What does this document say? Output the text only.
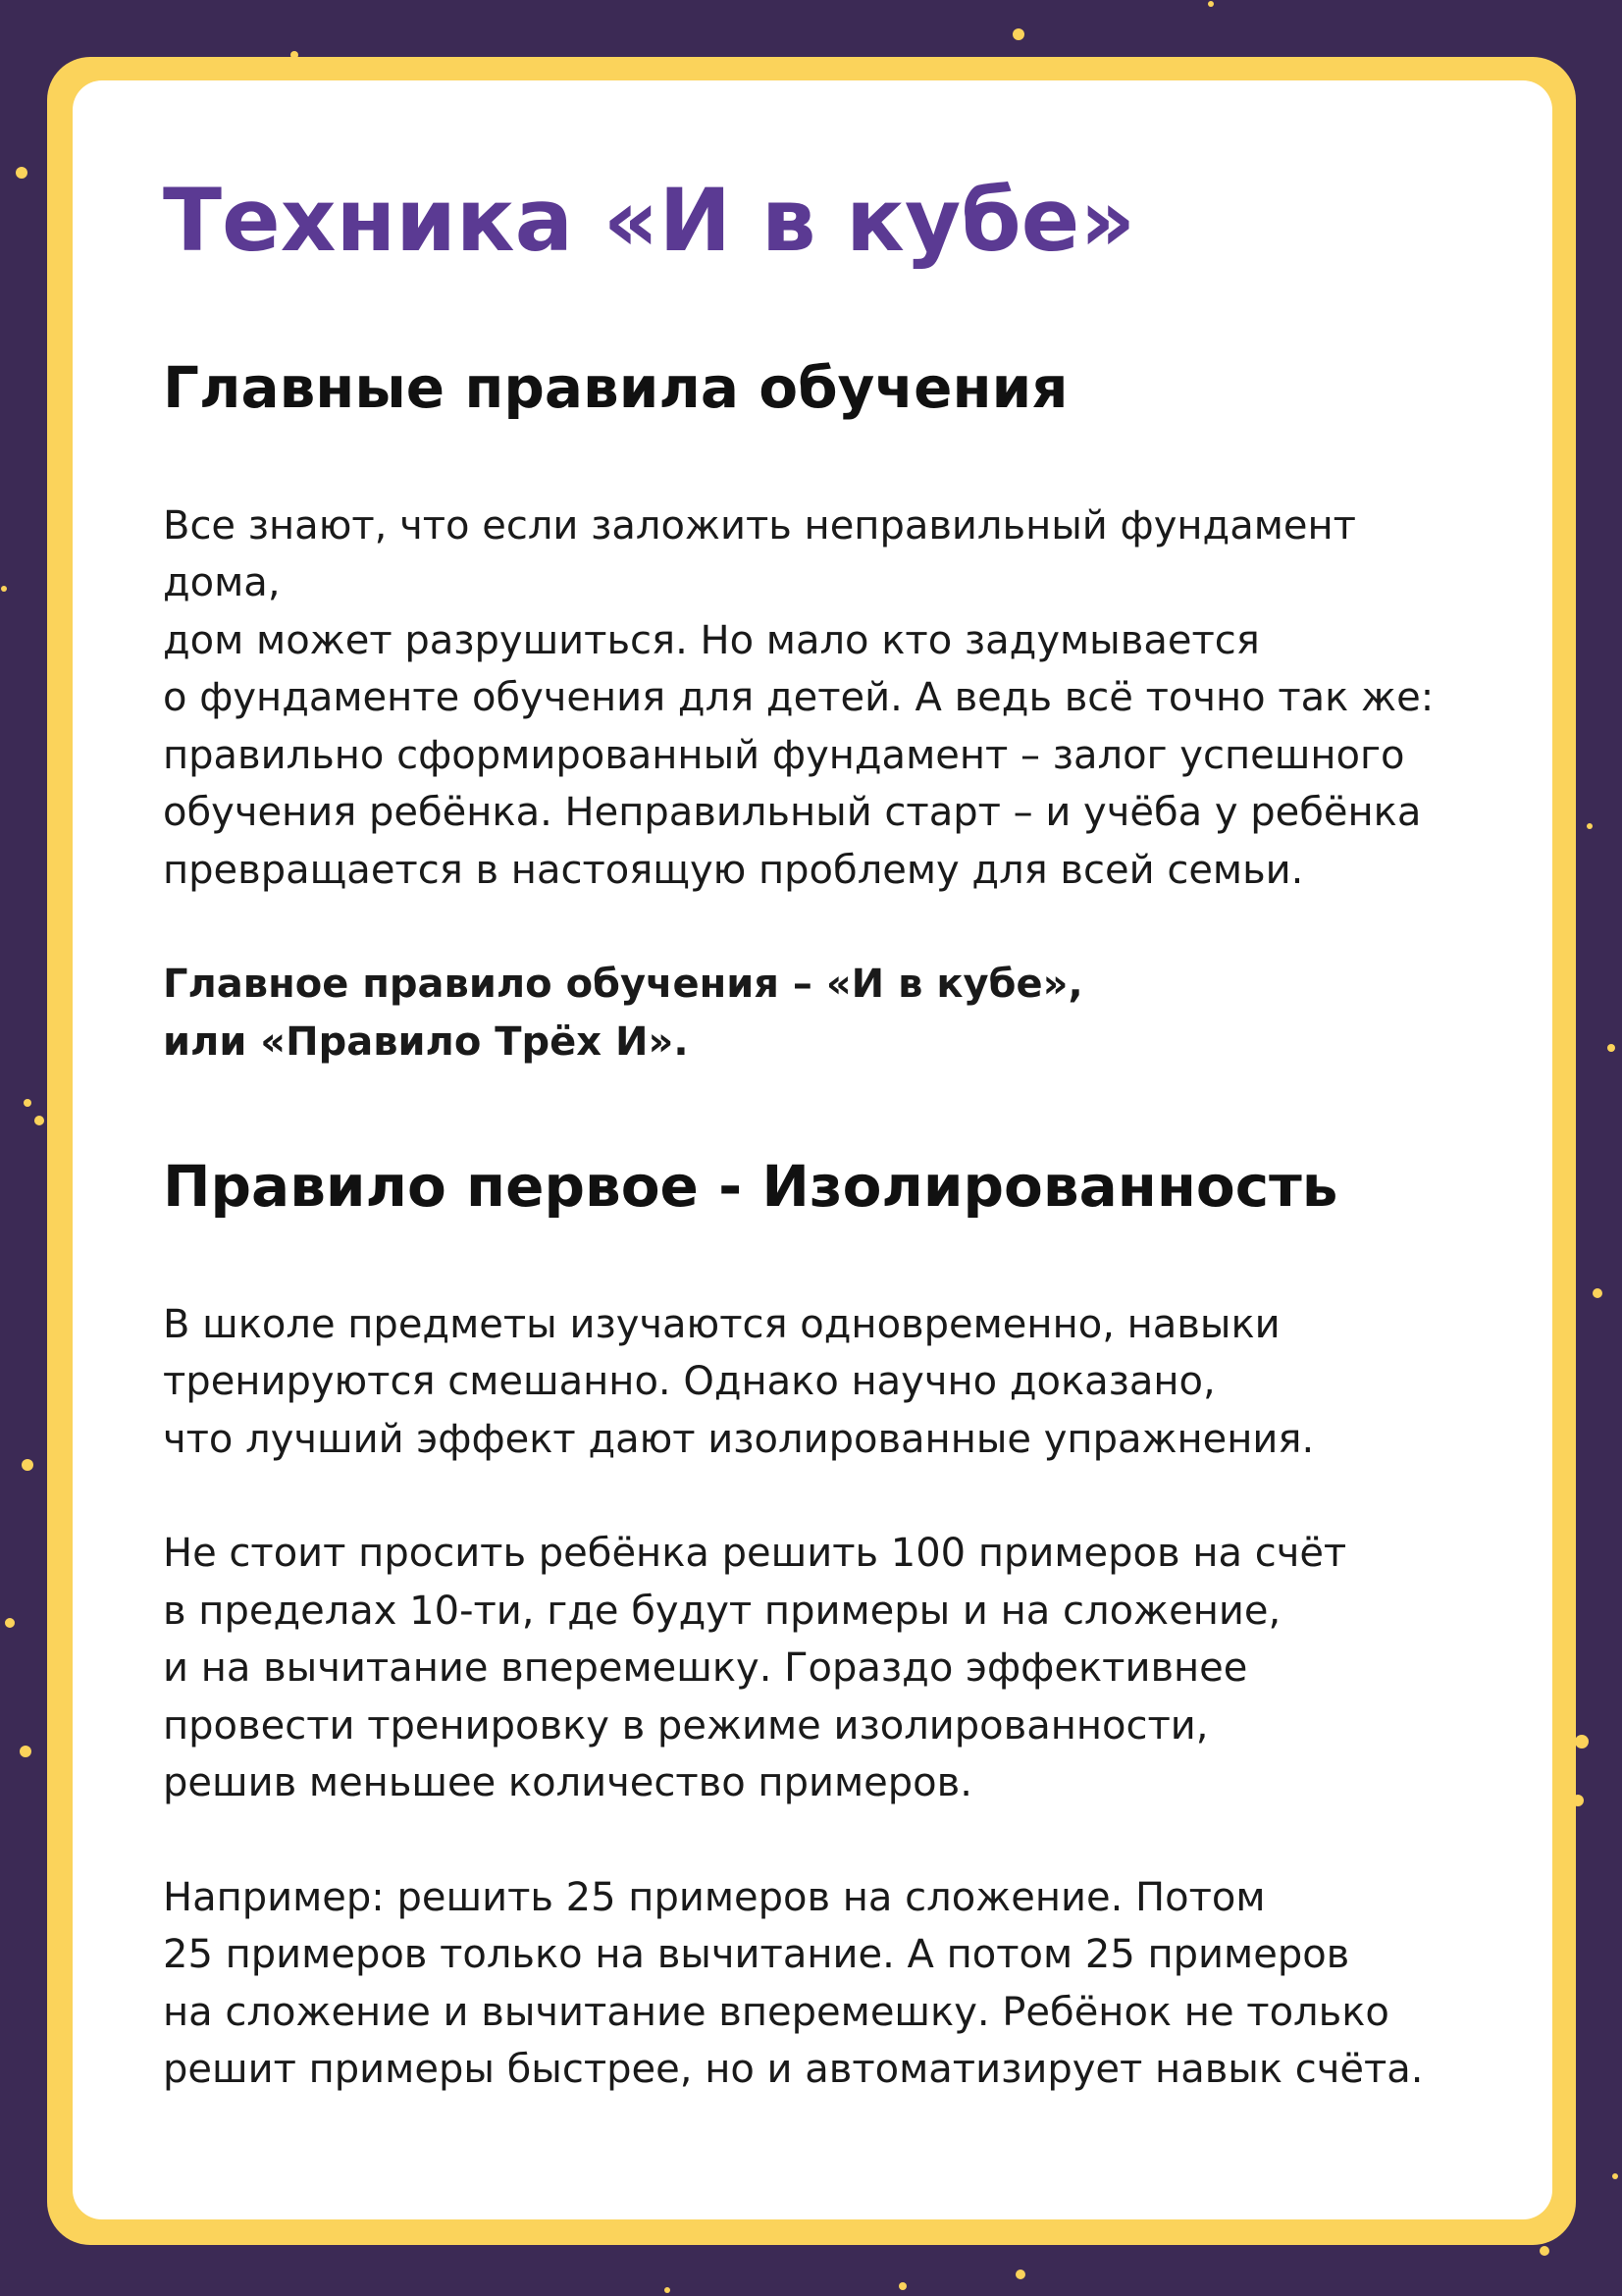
Техника «И в кубе»
Главные правила обучения

Все знают, что если заложить неправильный фундамент дома,
дом может разрушиться. Но мало кто задумывается
о фундаменте обучения для детей. А ведь всё точно так же:
правильно сформированный фундамент – залог успешного
обучения ребёнка. Неправильный старт – и учёба у ребёнка
превращается в настоящую проблему для всей семьи.

Главное правило обучения – «И в кубе»,
или «Правило Трёх И».

Правило первое - Изолированность

В школе предметы изучаются одновременно, навыки
тренируются смешанно. Однако научно доказано,
что лучший эффект дают изолированные упражнения.

Не стоит просить ребёнка решить 100 примеров на счёт
в пределах 10-ти, где будут примеры и на сложение,
и на вычитание вперемешку. Гораздо эффективнее
провести тренировку в режиме изолированности,
решив меньшее количество примеров.

Например: решить 25 примеров на сложение. Потом
25 примеров только на вычитание. А потом 25 примеров
на сложение и вычитание вперемешку. Ребёнок не только
решит примеры быстрее, но и автоматизирует навык счёта.
